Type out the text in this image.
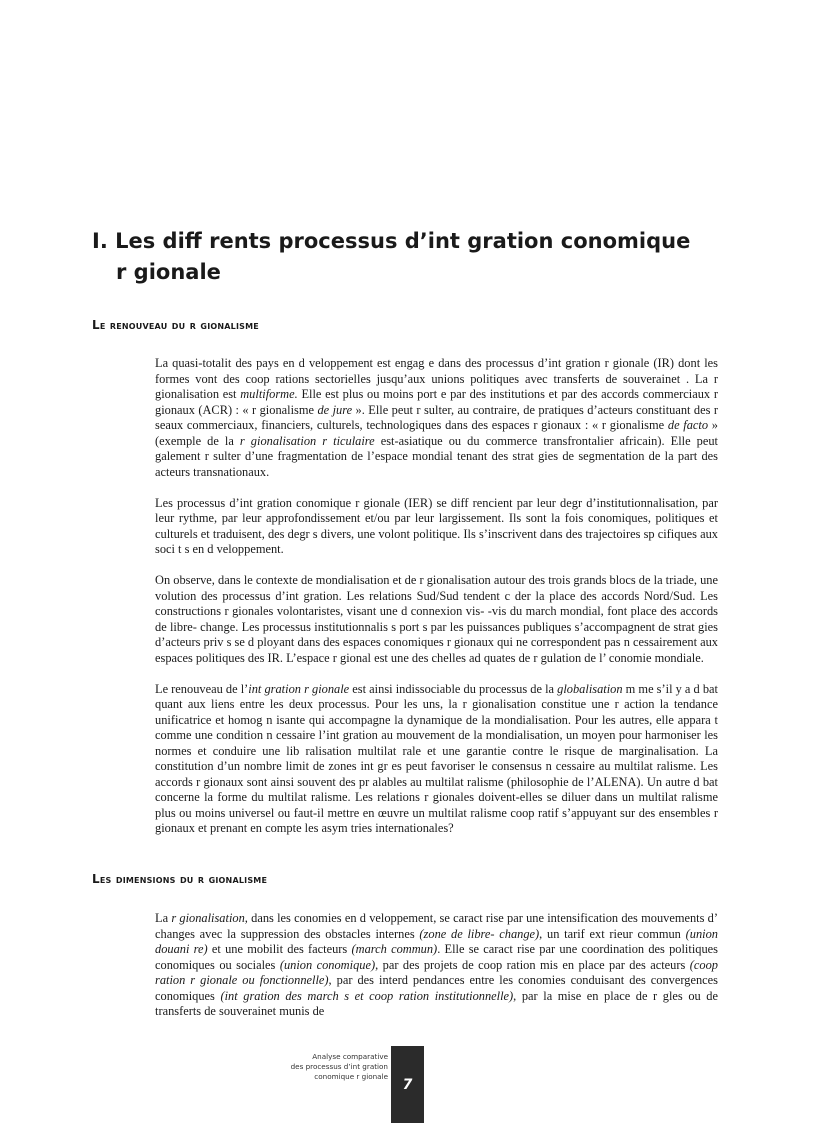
I. Les diff rents processus d’int gration conomique
r gionale
Le renouveau du r gionalisme

La quasi-totalit des pays en d veloppement est engag e dans des processus d’int gration r gionale (IR) dont les formes vont des coop rations sectorielles jusqu’aux unions politiques avec transferts de souverainet . La r gionalisation est multiforme. Elle est plus ou moins port e par des institutions et par des accords commerciaux r gionaux (ACR) : « r gionalisme de jure ». Elle peut r sulter, au contraire, de pratiques d’acteurs constituant des r seaux commerciaux, financiers, culturels, technologiques dans des espaces r gionaux : « r gionalisme de facto » (exemple de la r gionalisation r ticulaire est-asiatique ou du commerce transfrontalier africain). Elle peut galement r sulter d’une fragmentation de l’espace mondial tenant des strat gies de segmentation de la part des acteurs transnationaux.

Les processus d’int gration conomique r gionale (IER) se diff rencient par leur degr d’institutionnalisation, par leur rythme, par leur approfondissement et/ou par leur largissement. Ils sont la fois conomiques, politiques et culturels et traduisent, des degr s divers, une volont politique. Ils s’inscrivent dans des trajectoires sp cifiques aux soci t s en d veloppement.

On observe, dans le contexte de mondialisation et de r gionalisation autour des trois grands blocs de la triade, une volution des processus d’int gration. Les relations Sud/Sud tendent c der la place des accords Nord/Sud. Les constructions r gionales volontaristes, visant une d connexion vis- -vis du march mondial, font place des accords de libre- change. Les processus institutionnalis s port s par les puissances publiques s’accompagnent de strat gies d’acteurs priv s se d ployant dans des espaces conomiques r gionaux qui ne correspondent pas n cessairement aux espaces politiques des IR. L’espace r gional est une des chelles ad quates de r gulation de l’ conomie mondiale.

Le renouveau de l’int gration r gionale est ainsi indissociable du processus de la globalisation m me s’il y a d bat quant aux liens entre les deux processus. Pour les uns, la r gionalisation constitue une r action la tendance unificatrice et homog n isante qui accompagne la dynamique de la mondialisation. Pour les autres, elle appara t comme une condition n cessaire l’int gration au mouvement de la mondialisation, un moyen pour harmoniser les normes et conduire une lib ralisation multilat rale et une garantie contre le risque de marginalisation. La constitution d’un nombre limit de zones int gr es peut favoriser le consensus n cessaire au multilat ralisme. Les accords r gionaux sont ainsi souvent des pr alables au multilat ralisme (philosophie de l’ALENA). Un autre d bat concerne la forme du multilat ralisme. Les relations r gionales doivent-elles se diluer dans un multilat ralisme plus ou moins universel ou faut-il mettre en œuvre un multilat ralisme coop ratif s’appuyant sur des ensembles r gionaux et prenant en compte les asym tries internationales?

Les dimensions du r gionalisme

La r gionalisation, dans les conomies en d veloppement, se caract rise par une intensification des mouvements d’ changes avec la suppression des obstacles internes (zone de libre- change), un tarif ext rieur commun (union douani re) et une mobilit des facteurs (march commun). Elle se caract rise par une coordination des politiques conomiques ou sociales (union conomique), par des projets de coop ration mis en place par des acteurs (coop ration r gionale ou fonctionnelle), par des interd pendances entre les conomies conduisant des convergences conomiques (int gration des march s et coop ration institutionnelle), par la mise en place de r gles ou de transferts de souverainet munis de

Analyse comparative
des processus d’int gration
conomique r gionale	7
